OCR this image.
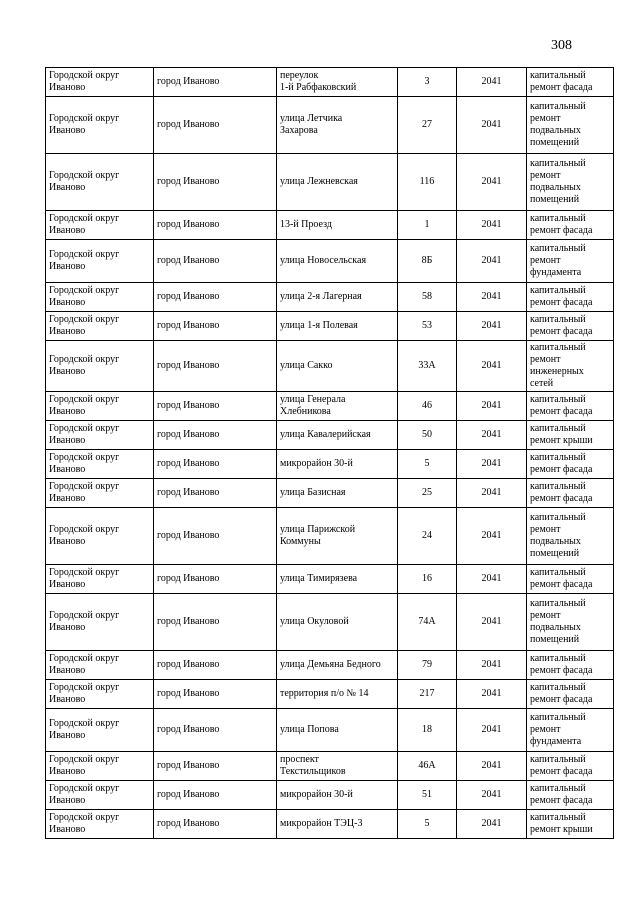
308
Городской округ
Иваново	город Иваново	переулок
1-й Рабфаковский	3	2041	капитальный
ремонт фасада

Городской округ
Иваново	город Иваново	улица Летчика
Захарова	27	2041	капитальный
ремонт
подвальных
помещений

Городской округ
Иваново	город Иваново	улица Лежневская	116	2041	капитальный
ремонт
подвальных
помещений

Городской округ
Иваново	город Иваново	13-й Проезд	1	2041	капитальный
ремонт фасада

Городской округ
Иваново	город Иваново	улица Новосельская	8Б	2041	капитальный
ремонт
фундамента

Городской округ
Иваново	город Иваново	улица 2-я Лагерная	58	2041	капитальный
ремонт фасада

Городской округ
Иваново	город Иваново	улица 1-я Полевая	53	2041	капитальный
ремонт фасада

Городской округ
Иваново	город Иваново	улица Сакко	33А	2041	капитальный
ремонт
инженерных
сетей

Городской округ
Иваново	город Иваново	улица Генерала
Хлебникова	46	2041	капитальный
ремонт фасада

Городской округ
Иваново	город Иваново	улица Кавалерийская	50	2041	капитальный
ремонт крыши

Городской округ
Иваново	город Иваново	микрорайон 30-й	5	2041	капитальный
ремонт фасада

Городской округ
Иваново	город Иваново	улица Базисная	25	2041	капитальный
ремонт фасада

Городской округ
Иваново	город Иваново	улица Парижской
Коммуны	24	2041	капитальный
ремонт
подвальных
помещений

Городской округ
Иваново	город Иваново	улица Тимирязева	16	2041	капитальный
ремонт фасада

Городской округ
Иваново	город Иваново	улица Окуловой	74А	2041	капитальный
ремонт
подвальных
помещений

Городской округ
Иваново	город Иваново	улица Демьяна Бедного	79	2041	капитальный
ремонт фасада

Городской округ
Иваново	город Иваново	территория п/о № 14	217	2041	капитальный
ремонт фасада

Городской округ
Иваново	город Иваново	улица Попова	18	2041	капитальный
ремонт
фундамента

Городской округ
Иваново	город Иваново	проспект
Текстильщиков	46А	2041	капитальный
ремонт фасада

Городской округ
Иваново	город Иваново	микрорайон 30-й	51	2041	капитальный
ремонт фасада

Городской округ
Иваново	город Иваново	микрорайон ТЭЦ-3	5	2041	капитальный
ремонт крыши
